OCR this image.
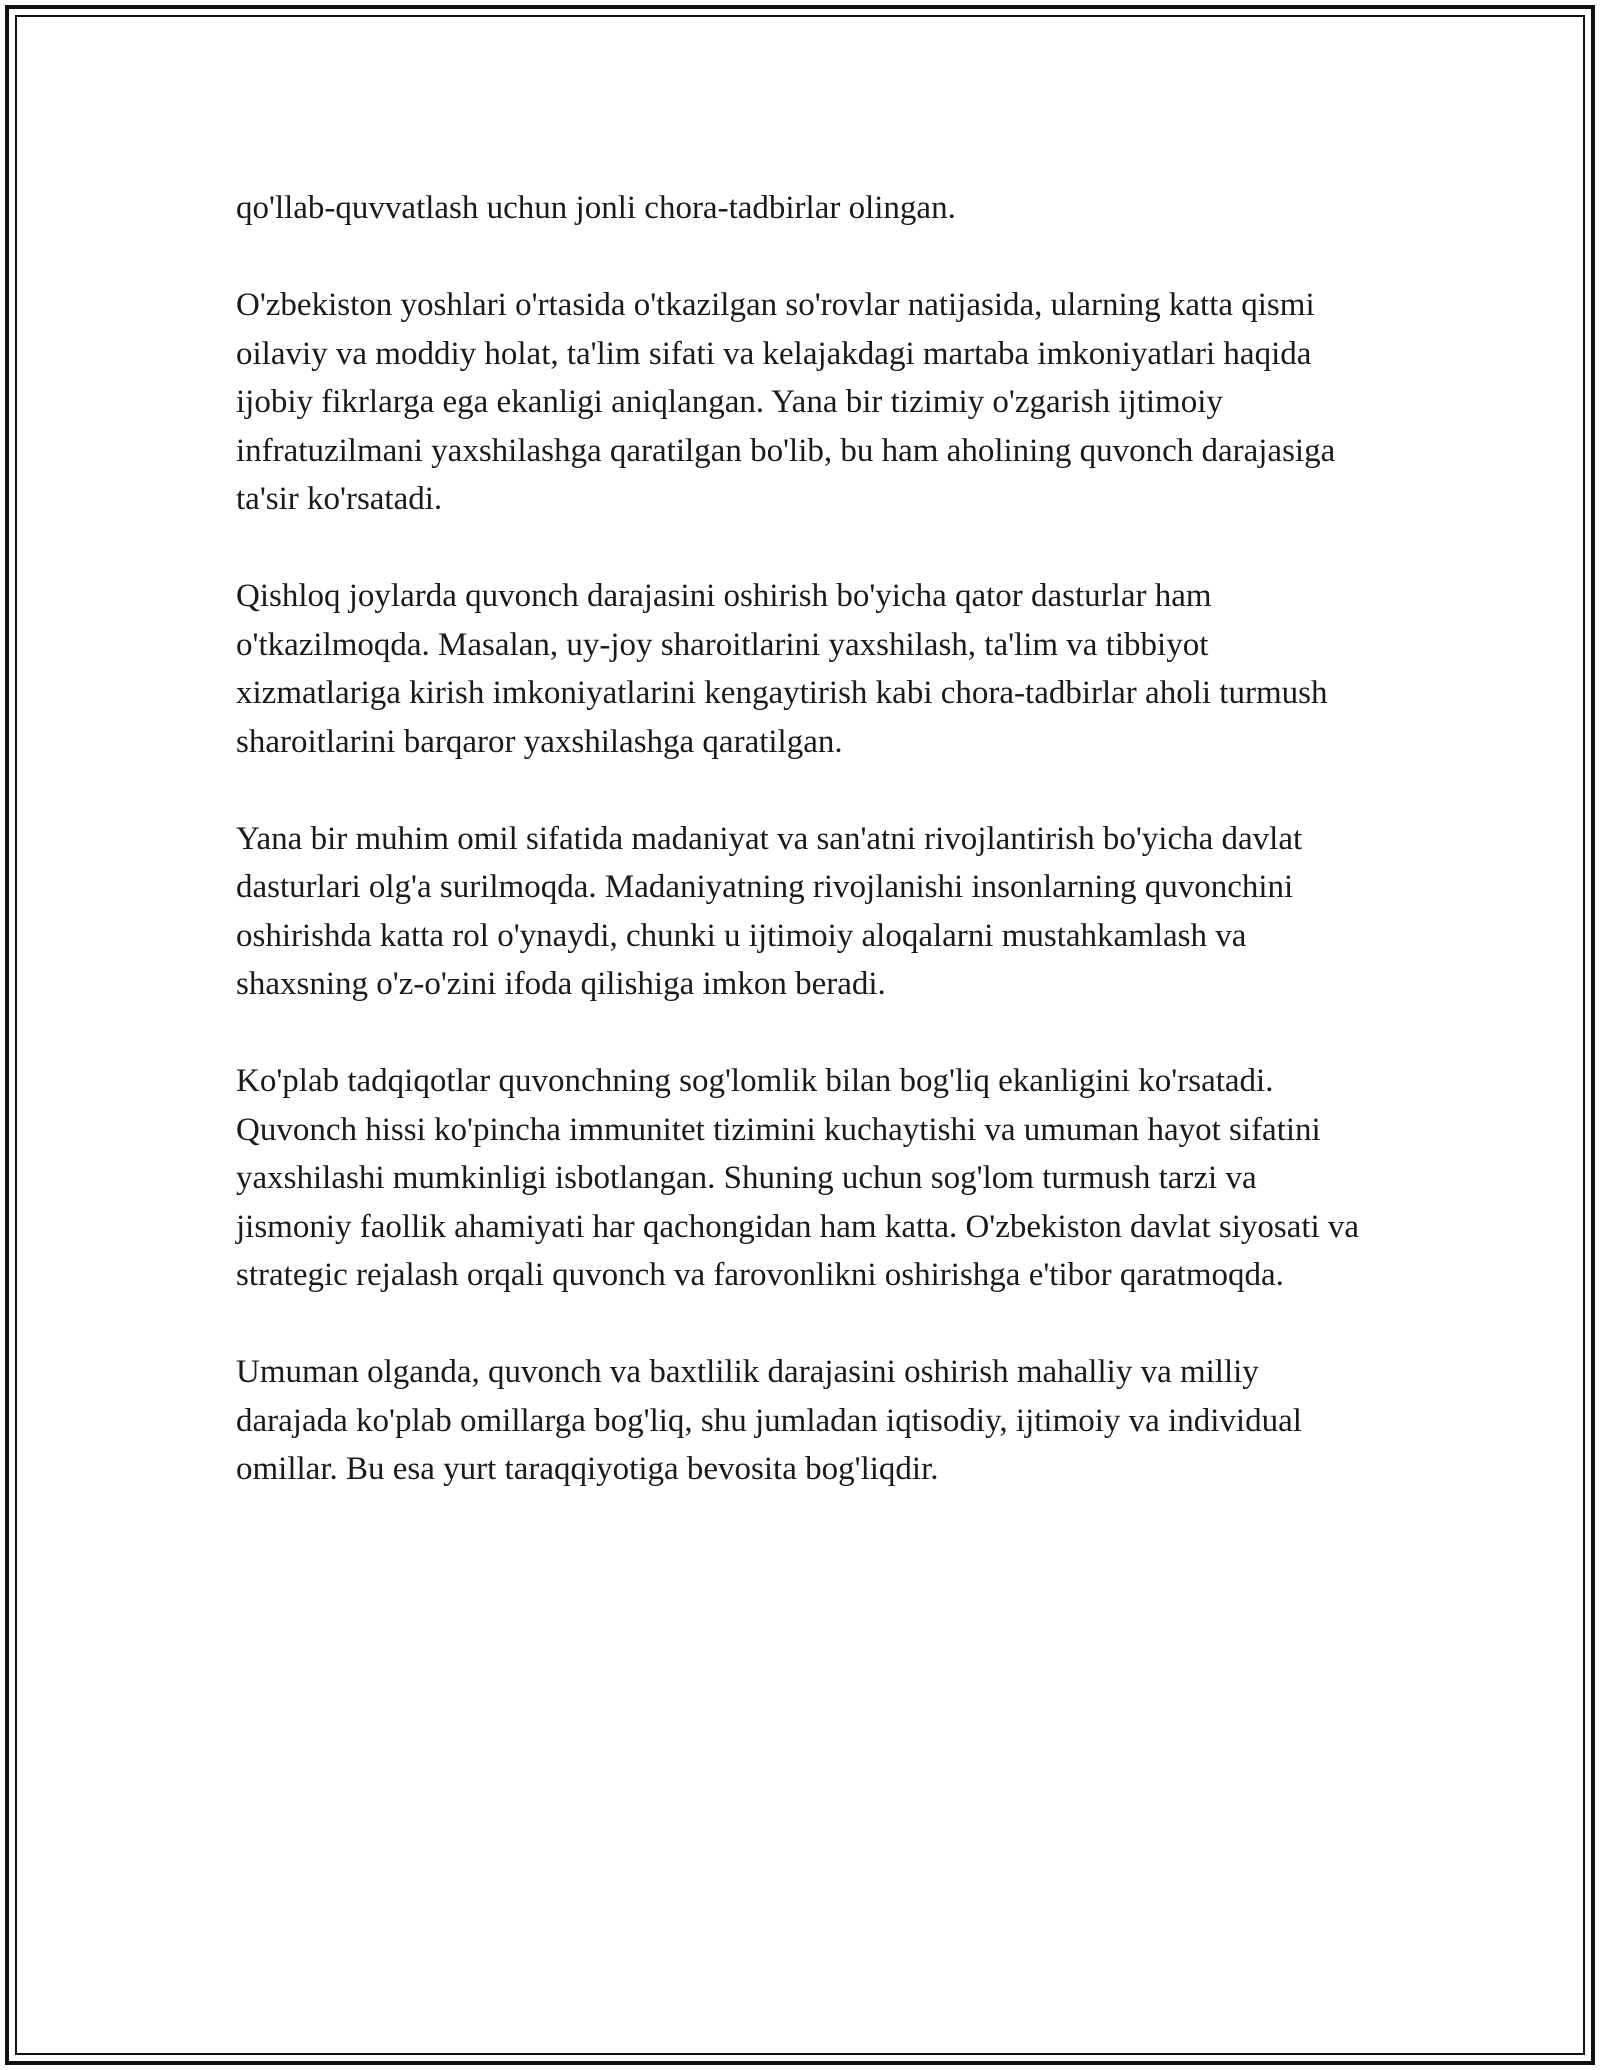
qo'llab-quvvatlash uchun jonli chora-tadbirlar olingan.

O'zbekiston yoshlari o'rtasida o'tkazilgan so'rovlar natijasida, ularning katta qismi oilaviy va moddiy holat, ta'lim sifati va kelajakdagi martaba imkoniyatlari haqida ijobiy fikrlarga ega ekanligi aniqlangan. Yana bir tizimiy o'zgarish ijtimoiy infratuzilmani yaxshilashga qaratilgan bo'lib, bu ham aholining quvonch darajasiga ta'sir ko'rsatadi.

Qishloq joylarda quvonch darajasini oshirish bo'yicha qator dasturlar ham o'tkazilmoqda. Masalan, uy-joy sharoitlarini yaxshilash, ta'lim va tibbiyot xizmatlariga kirish imkoniyatlarini kengaytirish kabi chora-tadbirlar aholi turmush sharoitlarini barqaror yaxshilashga qaratilgan.

Yana bir muhim omil sifatida madaniyat va san'atni rivojlantirish bo'yicha davlat dasturlari olg'a surilmoqda. Madaniyatning rivojlanishi insonlarning quvonchini oshirishda katta rol o'ynaydi, chunki u ijtimoiy aloqalarni mustahkamlash va shaxsning o'z-o'zini ifoda qilishiga imkon beradi.

Ko'plab tadqiqotlar quvonchning sog'lomlik bilan bog'liq ekanligini ko'rsatadi. Quvonch hissi ko'pincha immunitet tizimini kuchaytishi va umuman hayot sifatini yaxshilashi mumkinligi isbotlangan. Shuning uchun sog'lom turmush tarzi va jismoniy faollik ahamiyati har qachongidan ham katta. O'zbekiston davlat siyosati va strategic rejalash orqali quvonch va farovonlikni oshirishga e'tibor qaratmoqda.

Umuman olganda, quvonch va baxtlilik darajasini oshirish mahalliy va milliy darajada ko'plab omillarga bog'liq, shu jumladan iqtisodiy, ijtimoiy va individual omillar. Bu esa yurt taraqqiyotiga bevosita bog'liqdir.
